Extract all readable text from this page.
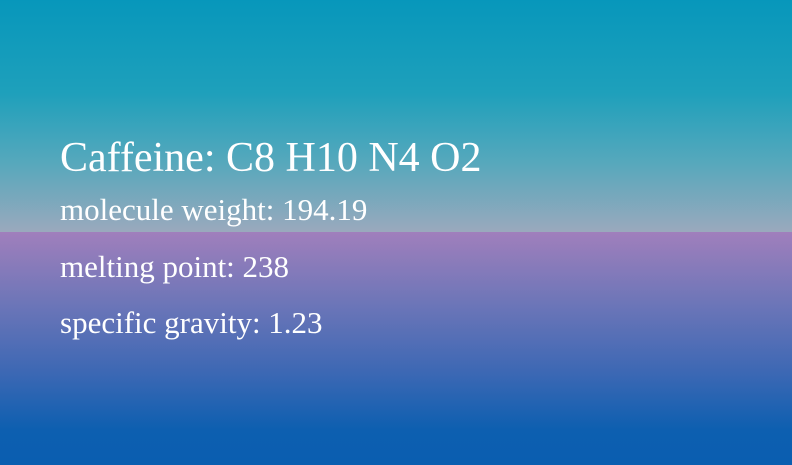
Caffeine: C8 H10 N4 O2
molecule weight: 194.19
melting point: 238
specific gravity: 1.23
